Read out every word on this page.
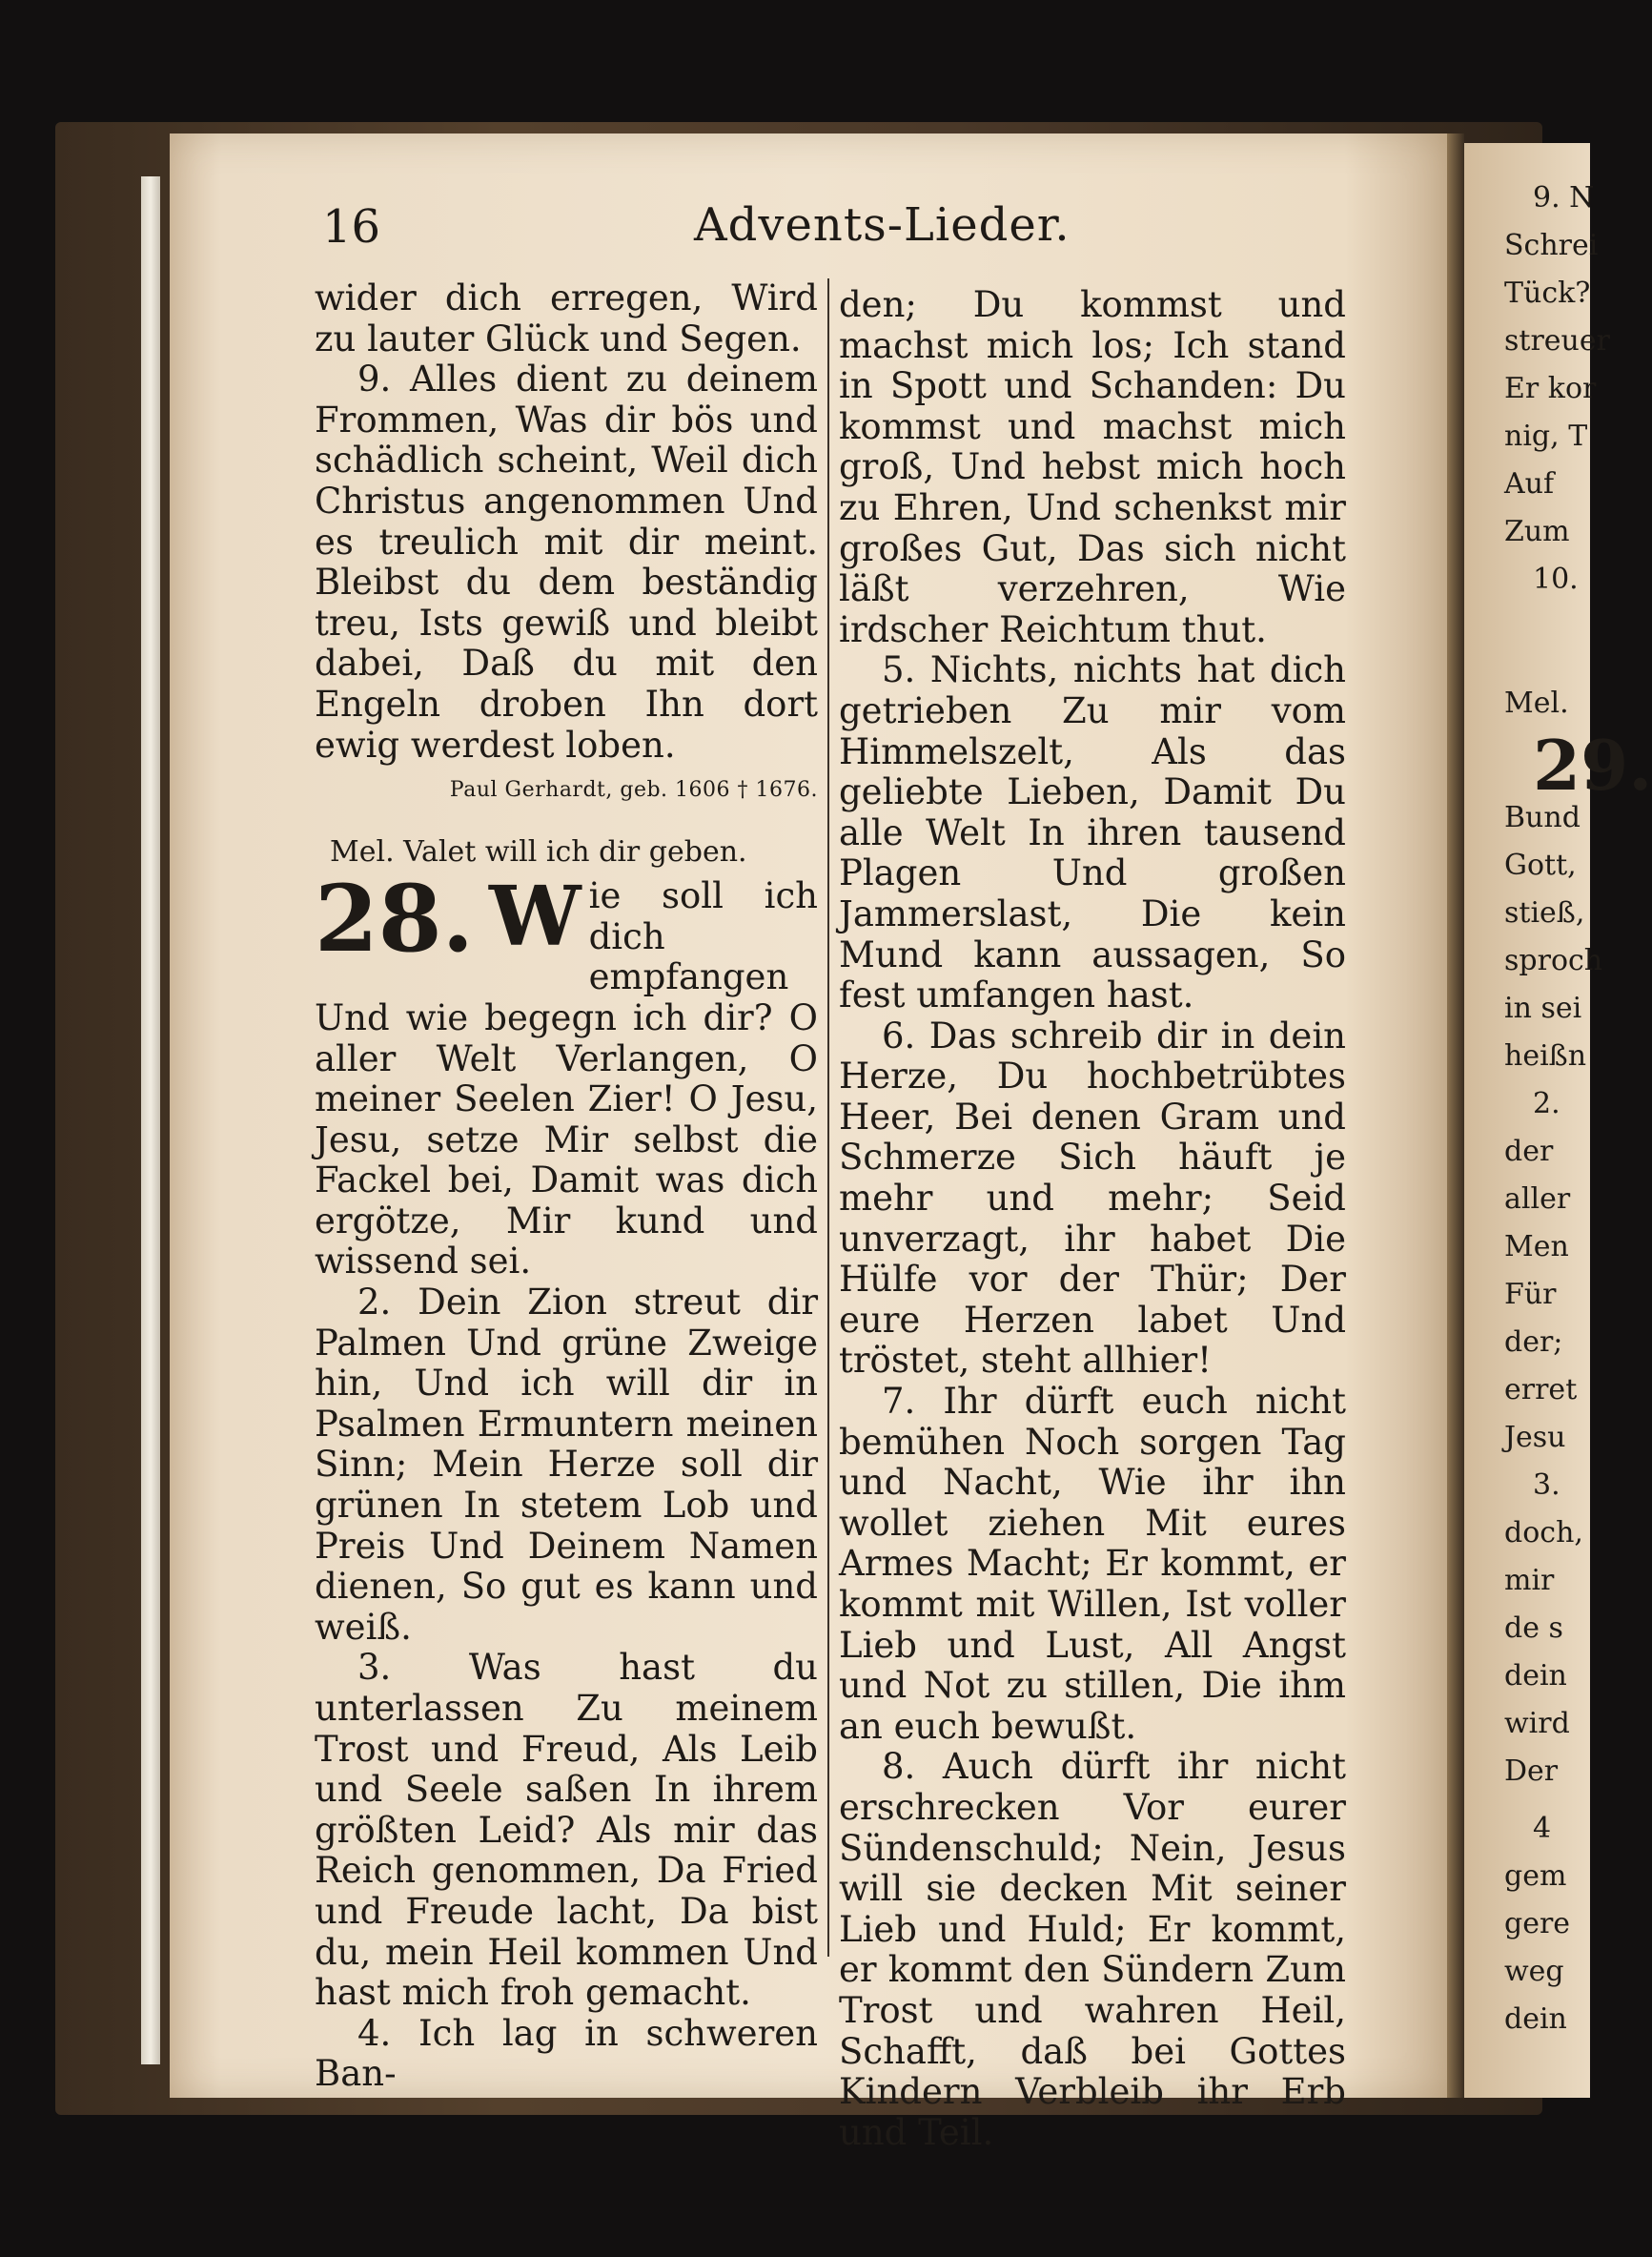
16	Advents-Lieder.

wider dich erregen, Wird zu lauter Glück und Segen.

9. Alles dient zu deinem Frommen, Was dir bös und schädlich scheint, Weil dich Christus angenommen Und es treulich mit dir meint. Bleibst du dem beständig treu, Ists gewiß und bleibt dabei, Daß du mit den Engeln droben Ihn dort ewig werdest loben.

Paul Gerhardt, geb. 1606 † 1676.

Mel. Valet will ich dir geben.

28. W ie soll ich dich empfangen Und wie begegn ich dir? O aller Welt Verlangen, O meiner Seelen Zier! O Jesu, Jesu, setze Mir selbst die Fackel bei, Damit was dich ergötze, Mir kund und wissend sei.

2. Dein Zion streut dir Palmen Und grüne Zweige hin, Und ich will dir in Psalmen Ermuntern meinen Sinn; Mein Herze soll dir grünen In stetem Lob und Preis Und Deinem Namen dienen, So gut es kann und weiß.

3. Was hast du unterlassen Zu meinem Trost und Freud, Als Leib und Seele saßen In ihrem größten Leid? Als mir das Reich genommen, Da Fried und Freude lacht, Da bist du, mein Heil kommen Und hast mich froh gemacht.

4. Ich lag in schweren Ban-

den; Du kommst und machst mich los; Ich stand in Spott und Schanden: Du kommst und machst mich groß, Und hebst mich hoch zu Ehren, Und schenkst mir großes Gut, Das sich nicht läßt verzehren, Wie irdscher Reichtum thut.

5. Nichts, nichts hat dich getrieben Zu mir vom Himmelszelt, Als das geliebte Lieben, Damit Du alle Welt In ihren tausend Plagen Und großen Jammerslast, Die kein Mund kann aussagen, So fest umfangen hast.

6. Das schreib dir in dein Herze, Du hochbetrübtes Heer, Bei denen Gram und Schmerze Sich häuft je mehr und mehr; Seid unverzagt, ihr habet Die Hülfe vor der Thür; Der eure Herzen labet Und tröstet, steht allhier!

7. Ihr dürft euch nicht bemühen Noch sorgen Tag und Nacht, Wie ihr ihn wollet ziehen Mit eures Armes Macht; Er kommt, er kommt mit Willen, Ist voller Lieb und Lust, All Angst und Not zu stillen, Die ihm an euch bewußt.

8. Auch dürft ihr nicht erschrecken Vor eurer Sündenschuld; Nein, Jesus will sie decken Mit seiner Lieb und Huld; Er kommt, er kommt den Sündern Zum Trost und wahren Heil, Schafft, daß bei Gottes Kindern Verbleib ihr Erb und Teil.

9. N
Schrei
Tück?
streuer
Er kor
nig, T
Auf
Zum
10.
Mel.
29.
Bund
Gott,
stieß,
sproch
in sei
heißn
2.
der
aller
Men
Für
der;
erret
Jesu
3.
doch,
mir
de s
dein
wird
Der
4
gem
gere
weg
dein
